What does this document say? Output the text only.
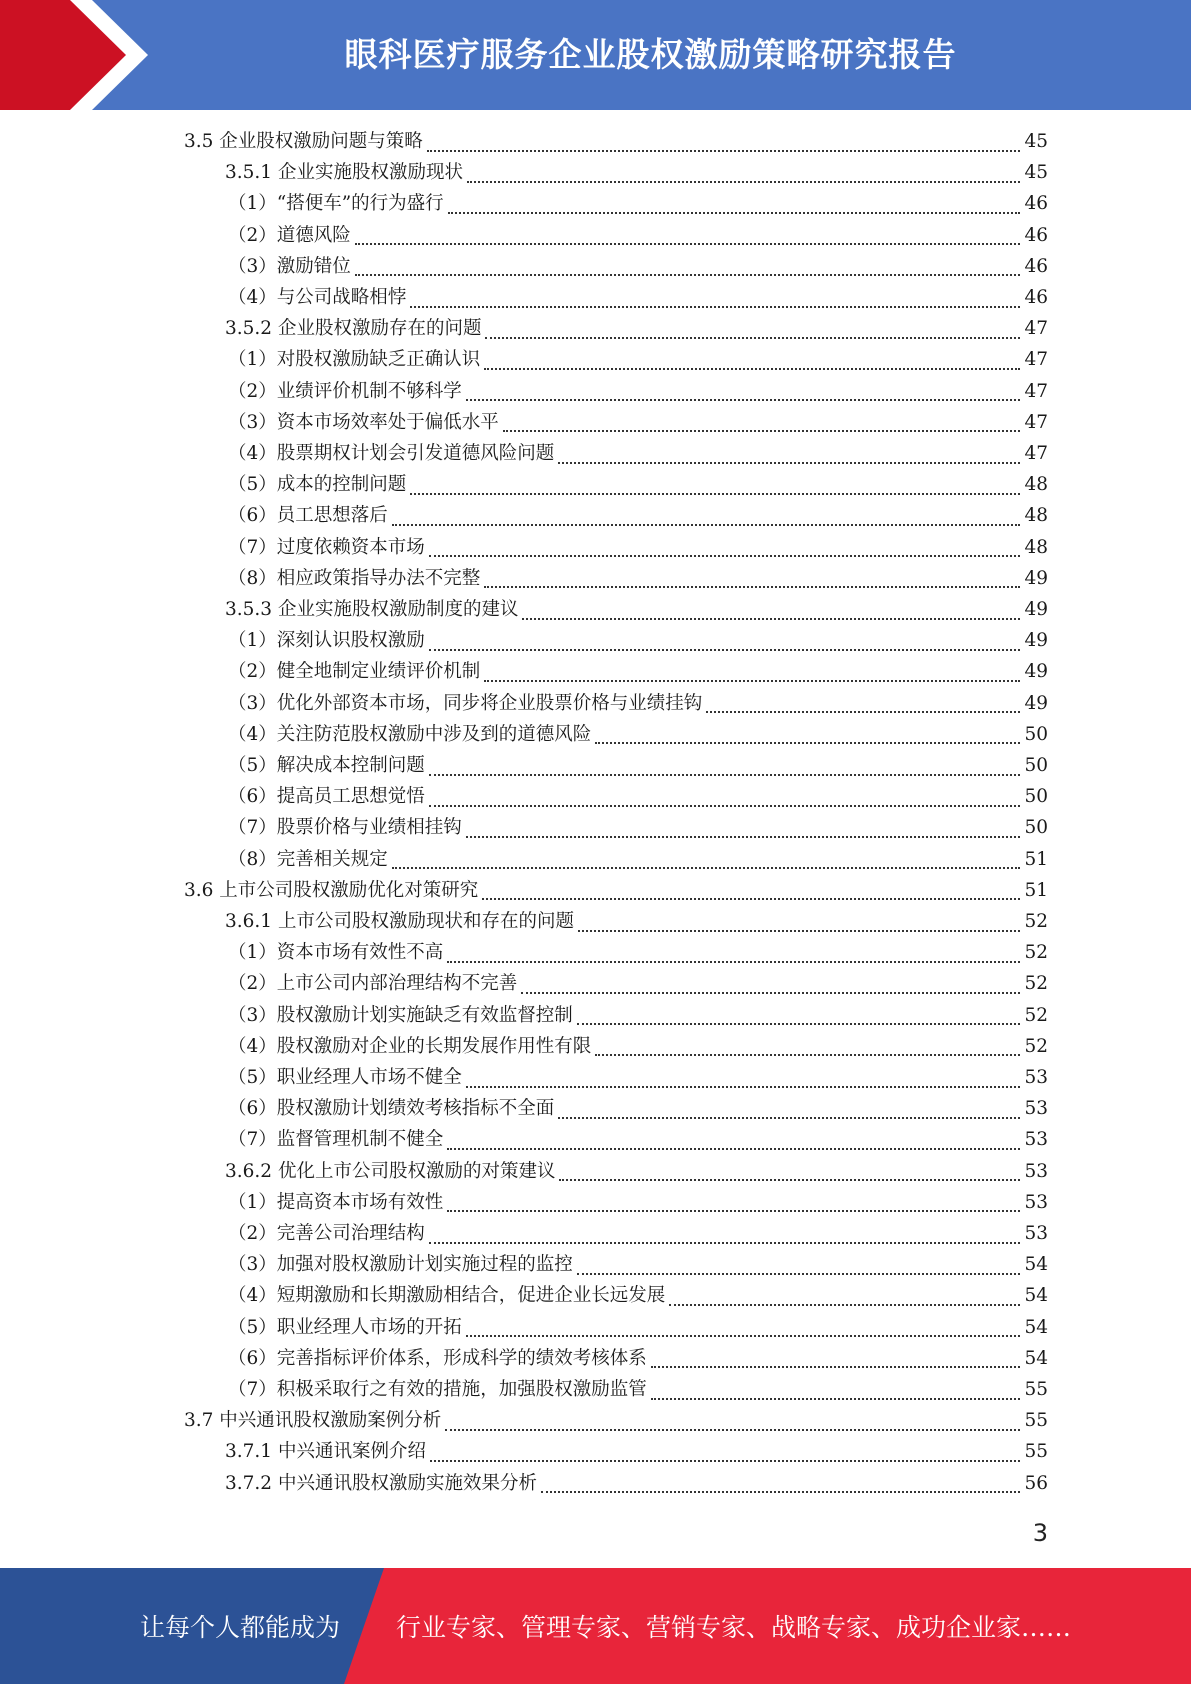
眼科医疗服务企业股权激励策略研究报告
3.5 企业股权激励问题与策略	45
3.5.1 企业实施股权激励现状	45
（1）“搭便车”的行为盛行	46
（2）道德风险	46
（3）激励错位	46
（4）与公司战略相悖	46
3.5.2 企业股权激励存在的问题	47
（1）对股权激励缺乏正确认识	47
（2）业绩评价机制不够科学	47
（3）资本市场效率处于偏低水平	47
（4）股票期权计划会引发道德风险问题	47
（5）成本的控制问题	48
（6）员工思想落后	48
（7）过度依赖资本市场	48
（8）相应政策指导办法不完整	49
3.5.3 企业实施股权激励制度的建议	49
（1）深刻认识股权激励	49
（2）健全地制定业绩评价机制	49
（3）优化外部资本市场，同步将企业股票价格与业绩挂钩	49
（4）关注防范股权激励中涉及到的道德风险	50
（5）解决成本控制问题	50
（6）提高员工思想觉悟	50
（7）股票价格与业绩相挂钩	50
（8）完善相关规定	51
3.6 上市公司股权激励优化对策研究	51
3.6.1 上市公司股权激励现状和存在的问题	52
（1）资本市场有效性不高	52
（2）上市公司内部治理结构不完善	52
（3）股权激励计划实施缺乏有效监督控制	52
（4）股权激励对企业的长期发展作用性有限	52
（5）职业经理人市场不健全	53
（6）股权激励计划绩效考核指标不全面	53
（7）监督管理机制不健全	53
3.6.2 优化上市公司股权激励的对策建议	53
（1）提高资本市场有效性	53
（2）完善公司治理结构	53
（3）加强对股权激励计划实施过程的监控	54
（4）短期激励和长期激励相结合，促进企业长远发展	54
（5）职业经理人市场的开拓	54
（6）完善指标评价体系，形成科学的绩效考核体系	54
（7）积极采取行之有效的措施，加强股权激励监管	55
3.7 中兴通讯股权激励案例分析	55
3.7.1 中兴通讯案例介绍	55
3.7.2 中兴通讯股权激励实施效果分析	56
3
让每个人都能成为	行业专家、管理专家、营销专家、战略专家、成功企业家……
